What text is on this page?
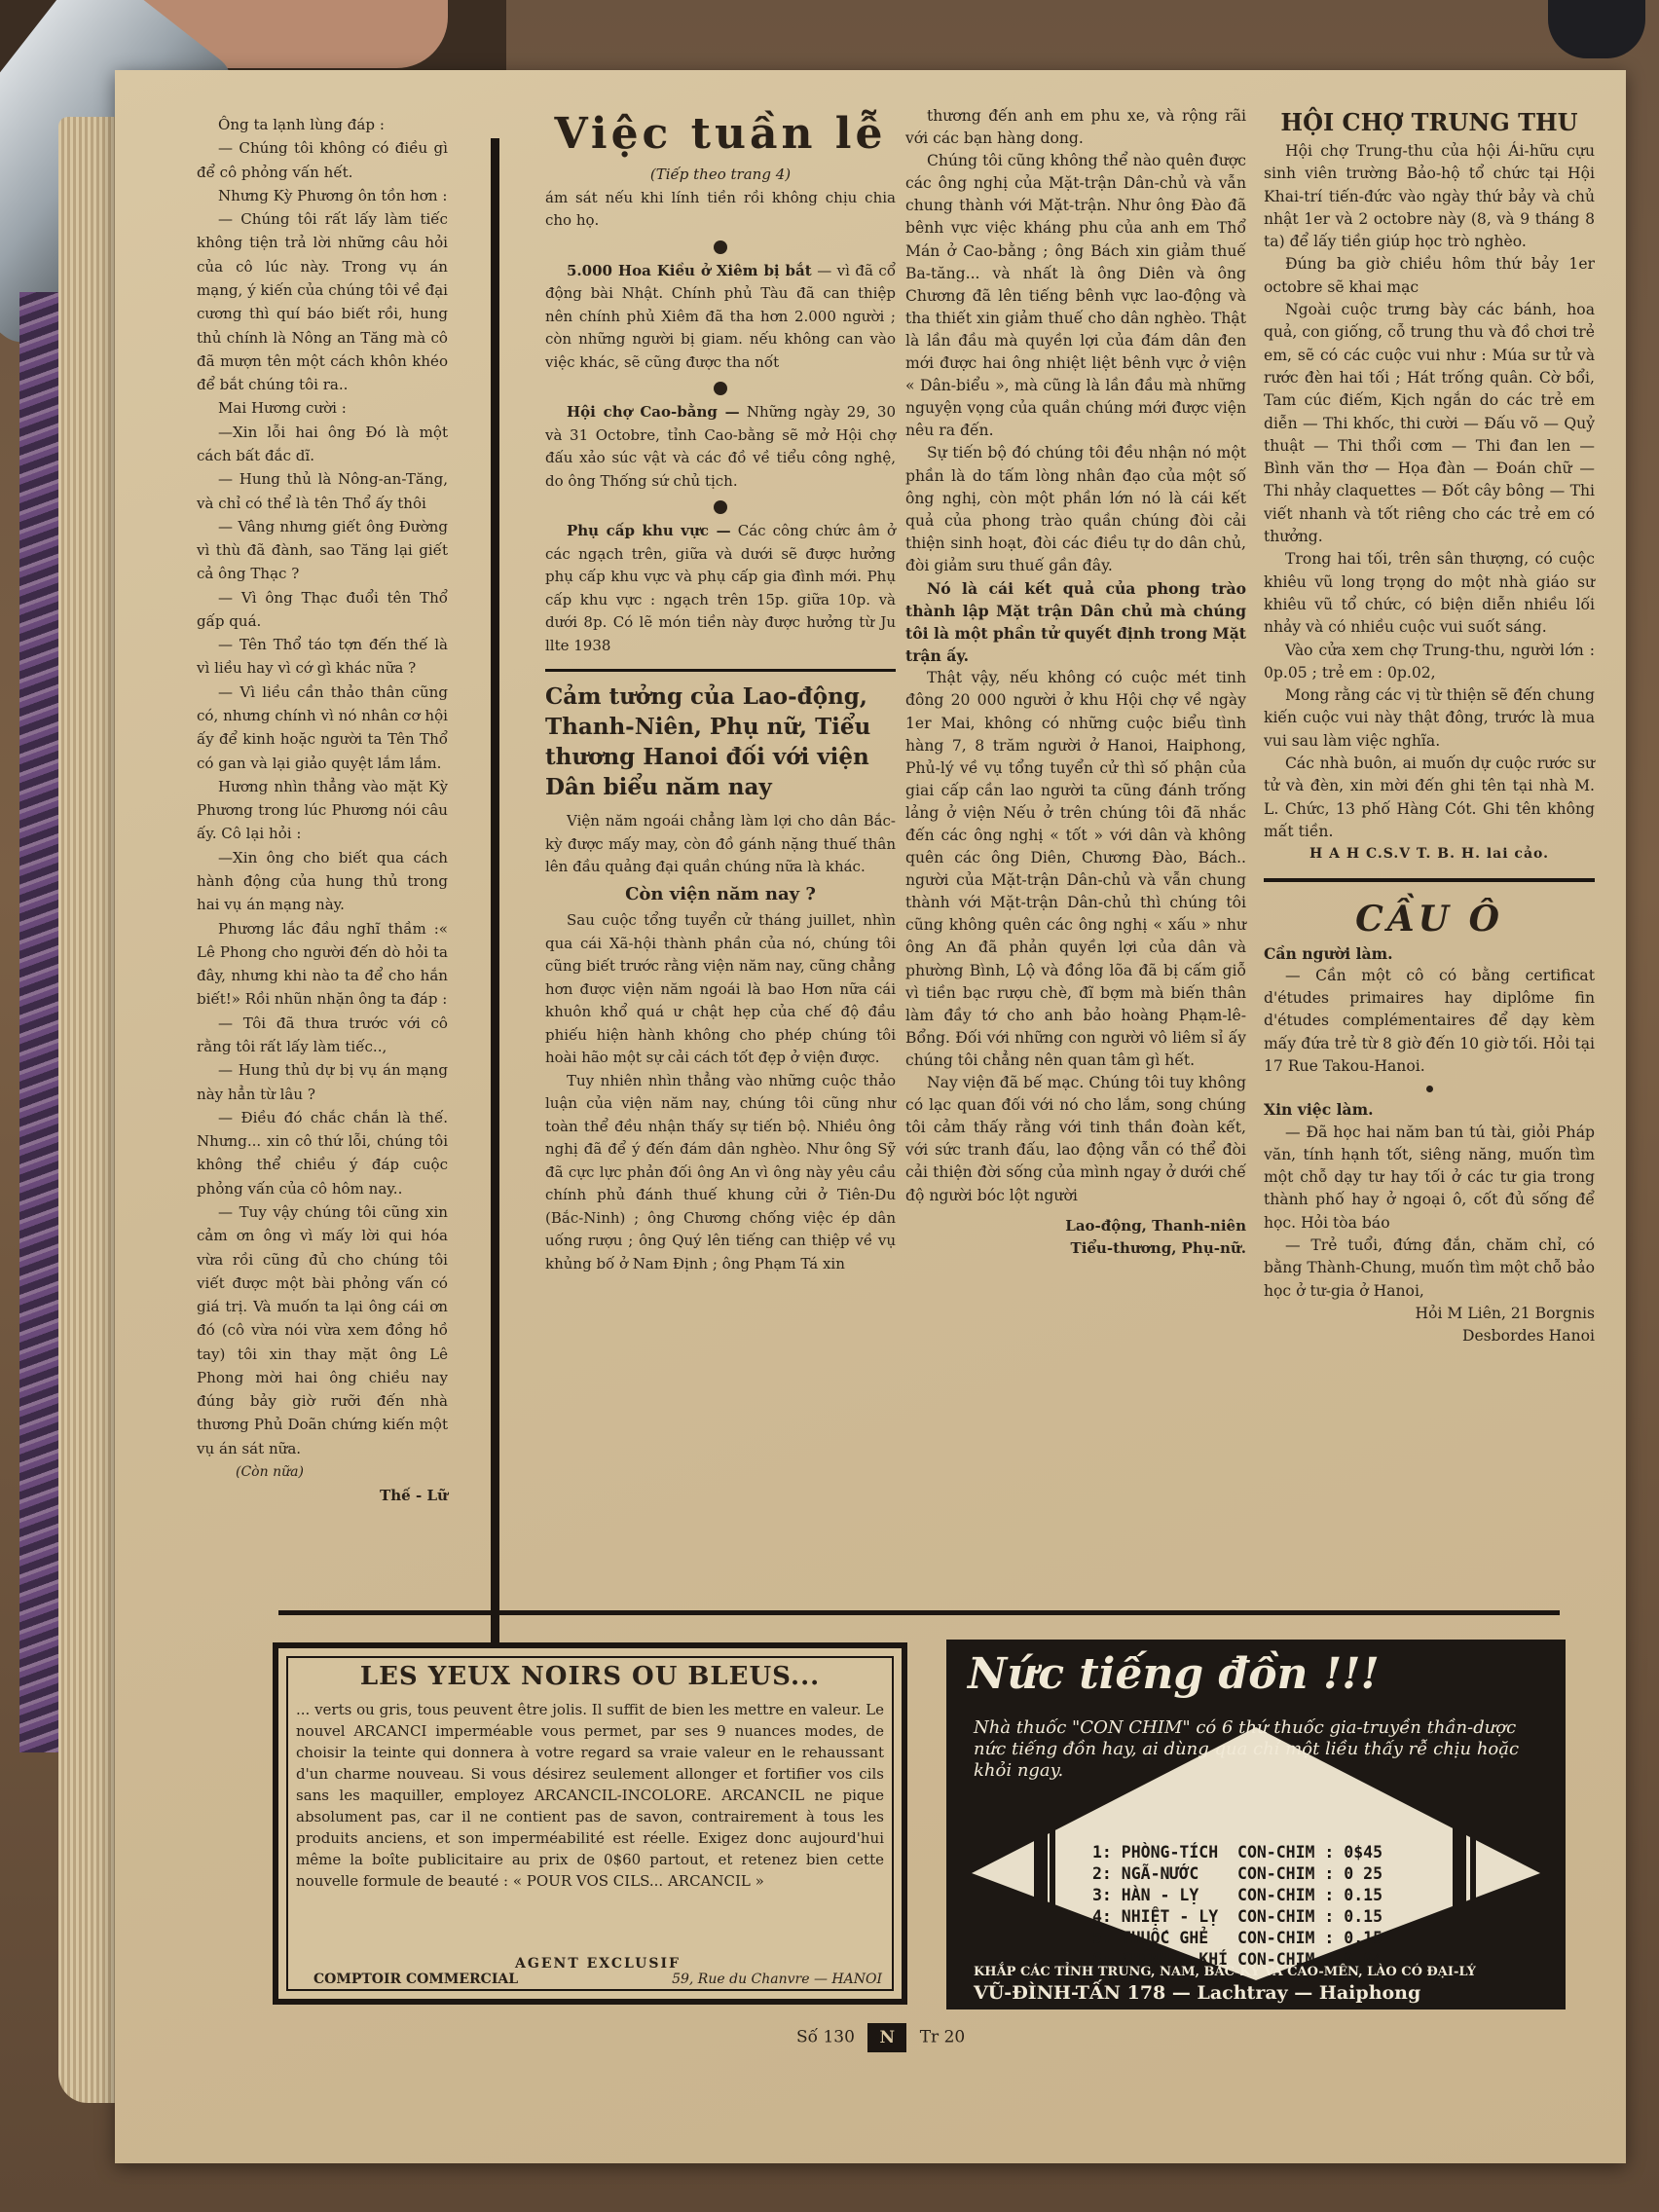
Ông ta lạnh lùng đáp :

— Chúng tôi không có điều gì để cô phỏng vấn hết.

Nhưng Kỳ Phương ôn tồn hơn :

— Chúng tôi rất lấy làm tiếc không tiện trả lời những câu hỏi của cô lúc này. Trong vụ án mạng, ý kiến của chúng tôi về đại cương thì quí báo biết rồi, hung thủ chính là Nông an Tăng mà cô đã mượn tên một cách khôn khéo để bắt chúng tôi ra..

Mai Hương cười :

—Xin lỗi hai ông Đó là một cách bất đắc dĩ.

— Hung thủ là Nông-an-Tăng, và chỉ có thể là tên Thổ ấy thôi

— Vâng nhưng giết ông Đường vì thù đã đành, sao Tăng lại giết cả ông Thạc ?

— Vì ông Thạc đuổi tên Thổ gấp quá.

— Tên Thổ táo tợn đến thế là vì liều hay vì cớ gì khác nữa ?

— Vì liều cần thảo thân cũng có, nhưng chính vì nó nhân cơ hội ấy để kinh hoặc người ta Tên Thổ có gan và lại giảo quyệt lắm lắm.

Hương nhìn thẳng vào mặt Kỳ Phương trong lúc Phương nói câu ấy. Cô lại hỏi :

—Xin ông cho biết qua cách hành động của hung thủ trong hai vụ án mạng này.

Phương lắc đầu nghĩ thầm :« Lê Phong cho người đến dò hỏi ta đây, nhưng khi nào ta để cho hắn biết!» Rồi nhũn nhặn ông ta đáp :

— Tôi đã thưa trước với cô rằng tôi rất lấy làm tiếc..,

— Hung thủ dự bị vụ án mạng này hẳn từ lâu ?

— Điều đó chắc chắn là thế. Nhưng... xin cô thứ lỗi, chúng tôi không thể chiều ý đáp cuộc phỏng vấn của cô hôm nay..

— Tuy vậy chúng tôi cũng xin cảm ơn ông vì mấy lời qui hóa vừa rồi cũng đủ cho chúng tôi viết được một bài phỏng vấn có giá trị. Và muốn ta lại ông cái ơn đó (cô vừa nói vừa xem đồng hồ tay) tôi xin thay mặt ông Lê Phong mời hai ông chiều nay đúng bảy giờ rưỡi đến nhà thương Phủ Doãn chứng kiến một vụ án sát nữa.

(Còn nữa)

Thế - Lữ

Việc tuần lễ

(Tiếp theo trang 4)

ám sát nếu khi lính tiền rồi không chịu chia cho họ.

5.000 Hoa Kiều ở Xiêm bị bắt — vì đã cổ động bài Nhật. Chính phủ Tàu đã can thiệp nên chính phủ Xiêm đã tha hơn 2.000 người ; còn những người bị giam. nếu không can vào việc khác, sẽ cũng được tha nốt

Hội chợ Cao-bằng — Những ngày 29, 30 và 31 Octobre, tỉnh Cao-bằng sẽ mở Hội chợ đấu xảo súc vật và các đồ về tiểu công nghệ, do ông Thống sứ chủ tịch.

Phụ cấp khu vực — Các công chức âm ở các ngạch trên, giữa và dưới sẽ được hưởng phụ cấp khu vực và phụ cấp gia đình mới. Phụ cấp khu vực : ngạch trên 15p. giữa 10p. và dưới 8p. Có lẽ món tiền này được hưởng từ Ju llte 1938

Cảm tưởng của Lao-động, Thanh-Niên, Phụ nữ, Tiểu thương Hanoi đối với viện Dân biểu năm nay

Viện năm ngoái chẳng làm lợi cho dân Bắc-kỳ được mấy may, còn đồ gánh nặng thuế thân lên đầu quảng đại quần chúng nữa là khác.

Còn viện năm nay ?

Sau cuộc tổng tuyển cử tháng juillet, nhìn qua cái Xã-hội thành phần của nó, chúng tôi cũng biết trước rằng viện năm nay, cũng chẳng hơn được viện năm ngoái là bao Hơn nữa cái khuôn khổ quá ư chật hẹp của chế độ đầu phiếu hiện hành không cho phép chúng tôi hoài hão một sự cải cách tốt đẹp ở viện được.

Tuy nhiên nhìn thẳng vào những cuộc thảo luận của viện năm nay, chúng tôi cũng như toàn thể đều nhận thấy sự tiến bộ. Nhiều ông nghị đã để ý đến đám dân nghèo. Như ông Sỹ đã cực lực phản đối ông An vì ông này yêu cầu chính phủ đánh thuế khung cửi ở Tiên-Du (Bắc-Ninh) ; ông Chương chống việc ép dân uống rượu ; ông Quý lên tiếng can thiệp về vụ khủng bố ở Nam Định ; ông Phạm Tá xin

thương đến anh em phu xe, và rộng rãi với các bạn hàng dong.

Chúng tôi cũng không thể nào quên được các ông nghị của Mặt-trận Dân-chủ và vẫn chung thành với Mặt-trận. Như ông Đào đã bênh vực việc kháng phu của anh em Thổ Mán ở Cao-bằng ; ông Bách xin giảm thuế Ba-tăng... và nhất là ông Diên và ông Chương đã lên tiếng bênh vực lao-động và tha thiết xin giảm thuế cho dân nghèo. Thật là lần đầu mà quyền lợi của đám dân đen mới được hai ông nhiệt liệt bênh vực ở viện « Dân-biểu », mà cũng là lần đầu mà những nguyện vọng của quần chúng mới được viện nêu ra đến.

Sự tiến bộ đó chúng tôi đều nhận nó một phần là do tấm lòng nhân đạo của một số ông nghị, còn một phần lớn nó là cái kết quả của phong trào quần chúng đòi cải thiện sinh hoạt, đòi các điều tự do dân chủ, đòi giảm sưu thuế gần đây.

Nó là cái kết quả của phong trào thành lập Mặt trận Dân chủ mà chúng tôi là một phần tử quyết định trong Mặt trận ấy.

Thật vậy, nếu không có cuộc mét tinh đông 20 000 người ở khu Hội chợ về ngày 1er Mai, không có những cuộc biểu tình hàng 7, 8 trăm người ở Hanoi, Haiphong, Phủ-lý về vụ tổng tuyển cử thì số phận của giai cấp cần lao người ta cũng đánh trống lảng ở viện Nếu ở trên chúng tôi đã nhắc đến các ông nghị « tốt » với dân và không quên các ông Diên, Chương Đào, Bách.. người của Mặt-trận Dân-chủ và vẫn chung thành với Mặt-trận Dân-chủ thì chúng tôi cũng không quên các ông nghị « xấu » như ông An đã phản quyền lợi của dân và phường Bình, Lộ và đồng lõa đã bị cấm giỗ vì tiền bạc rượu chè, đĩ bợm mà biến thân làm đầy tớ cho anh bảo hoàng Phạm-lê-Bổng. Đối với những con người vô liêm sỉ ấy chúng tôi chẳng nên quan tâm gì hết.

Nay viện đã bế mạc. Chúng tôi tuy không có lạc quan đối với nó cho lắm, song chúng tôi cảm thấy rằng với tinh thần đoàn kết, với sức tranh đấu, lao động vẫn có thể đòi cải thiện đời sống của mình ngay ở dưới chế độ người bóc lột người

Lao-động, Thanh-niên

Tiểu-thương, Phụ-nữ.

HỘI CHỢ TRUNG THU

Hội chợ Trung-thu của hội Ái-hữu cựu sinh viên trường Bảo-hộ tổ chức tại Hội Khai-trí tiến-đức vào ngày thứ bảy và chủ nhật 1er và 2 octobre này (8, và 9 tháng 8 ta) để lấy tiền giúp học trò nghèo.

Đúng ba giờ chiều hôm thứ bảy 1er octobre sẽ khai mạc

Ngoài cuộc trưng bày các bánh, hoa quả, con giống, cỗ trung thu và đồ chơi trẻ em, sẽ có các cuộc vui như : Múa sư tử và rước đèn hai tối ; Hát trống quân. Cờ bổi, Tam cúc điếm, Kịch ngắn do các trẻ em diễn — Thi khốc, thi cười — Đấu võ — Quỷ thuật — Thi thổi cơm — Thi đan len — Bình văn thơ — Họa đàn — Đoán chữ — Thi nhảy claquettes — Đốt cây bông — Thi viết nhanh và tốt riêng cho các trẻ em có thưởng.

Trong hai tối, trên sân thượng, có cuộc khiêu vũ long trọng do một nhà giáo sư khiêu vũ tổ chức, có biện diễn nhiều lối nhảy và có nhiều cuộc vui suốt sáng.

Vào cửa xem chợ Trung-thu, người lớn : 0p.05 ; trẻ em : 0p.02,

Mong rằng các vị từ thiện sẽ đến chung kiến cuộc vui này thật đông, trước là mua vui sau làm việc nghĩa.

Các nhà buôn, ai muốn dự cuộc rước sư tử và đèn, xin mời đến ghi tên tại nhà M. L. Chức, 13 phố Hàng Cót. Ghi tên không mất tiền.

H A H C.S.V T. B. H. lai cảo.

CẦU Ô

Cần người làm.

— Cần một cô có bằng certificat d'études primaires hay diplôme fin d'études complémentaires để dạy kèm mấy đứa trẻ từ 8 giờ đến 10 giờ tối. Hỏi tại 17 Rue Takou-Hanoi.

Xin việc làm.

— Đã học hai năm ban tú tài, giỏi Pháp văn, tính hạnh tốt, siêng năng, muốn tìm một chỗ dạy tư hay tối ở các tư gia trong thành phố hay ở ngoại ô, cốt đủ sống để học. Hỏi tòa báo

— Trẻ tuổi, đứng đắn, chăm chỉ, có bằng Thành-Chung, muốn tìm một chỗ bảo học ở tư-gia ở Hanoi,

Hỏi M Liên, 21 Borgnis

Desbordes Hanoi

LES YEUX NOIRS OU BLEUS...
... verts ou gris, tous peuvent être jolis. Il suffit de bien les mettre en valeur. Le nouvel ARCANCI imperméable vous permet, par ses 9 nuances modes, de choisir la teinte qui donnera à votre regard sa vraie valeur en le rehaussant d'un charme nouveau. Si vous désirez seulement allonger et fortifier vos cils sans les maquiller, employez ARCANCIL-INCOLORE. ARCANCIL ne pique absolument pas, car il ne contient pas de savon, contrairement à tous les produits anciens, et son imperméabilité est réelle. Exigez donc aujourd'hui même la boîte publicitaire au prix de 0$60 partout, et retenez bien cette nouvelle formule de beauté : « POUR VOS CILS... ARCANCIL »
AGENT EXCLUSIF
COMPTOIR COMMERCIAL	59, Rue du Chanvre — HANOI
Nức tiếng đồn !!!
Nhà thuốc "CON CHIM" có 6 thứ thuốc gia-truyền thần-dược nức tiếng đồn hay, ai dùng qua chỉ một liều thấy rễ chịu hoặc khỏi ngay.
1: PHÒNG-TÍCH  CON-CHIM : 0$45
2: NGÃ-NƯỚC    CON-CHIM : 0 25
3: HÀN - LỴ    CON-CHIM : 0.15
4: NHIỆT - LỴ  CON-CHIM : 0.15
5: THUỐC GHẺ   CON-CHIM : 0.15
6: CHÍNH - KHÍ CON-CHIM : 0.04
KHẮP CÁC TỈNH TRUNG, NAM, BẮC-KỲ VÀ CAO-MÊN, LÀO CÓ ĐẠI-LÝ
VŨ-ĐÌNH-TẤN 178 — Lachtray — Haiphong
Số 130 N Tr 20
